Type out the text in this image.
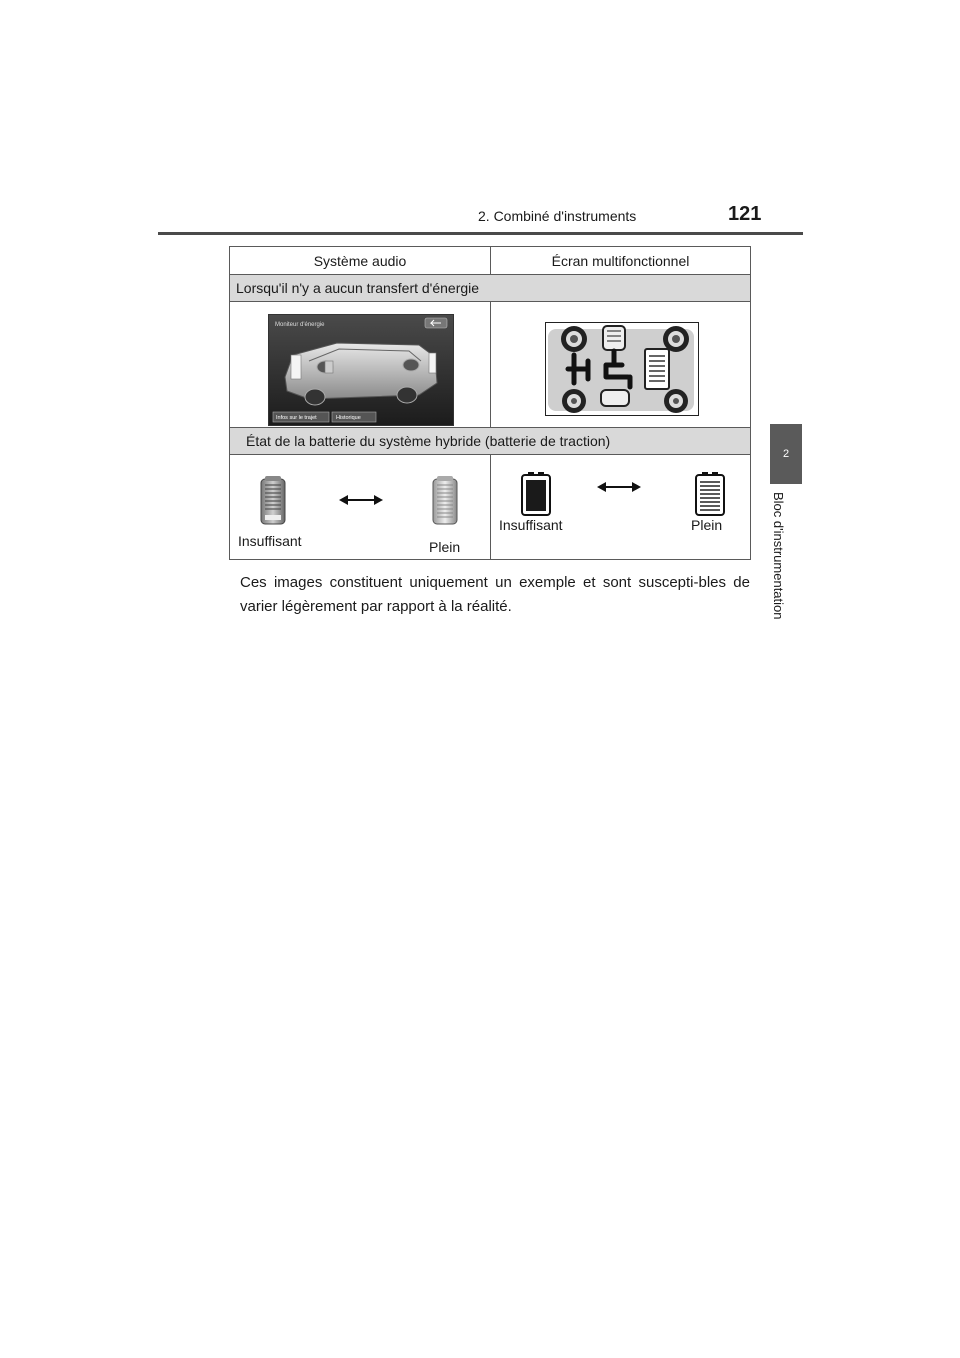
2. Combiné d'instruments	121
2
Bloc d'instrumentation
Système audio	Écran multifonctionnel
Lorsqu'il n'y a aucun transfert d'énergie	

Moniteur d'énergie
Infos sur le trajet Historique

État de la batterie du système hybride (batterie de traction)	

Insuffisant Plein	Insuffisant Plein
Ces images constituent uniquement un exemple et sont suscepti-bles de varier légèrement par rapport à la réalité.
